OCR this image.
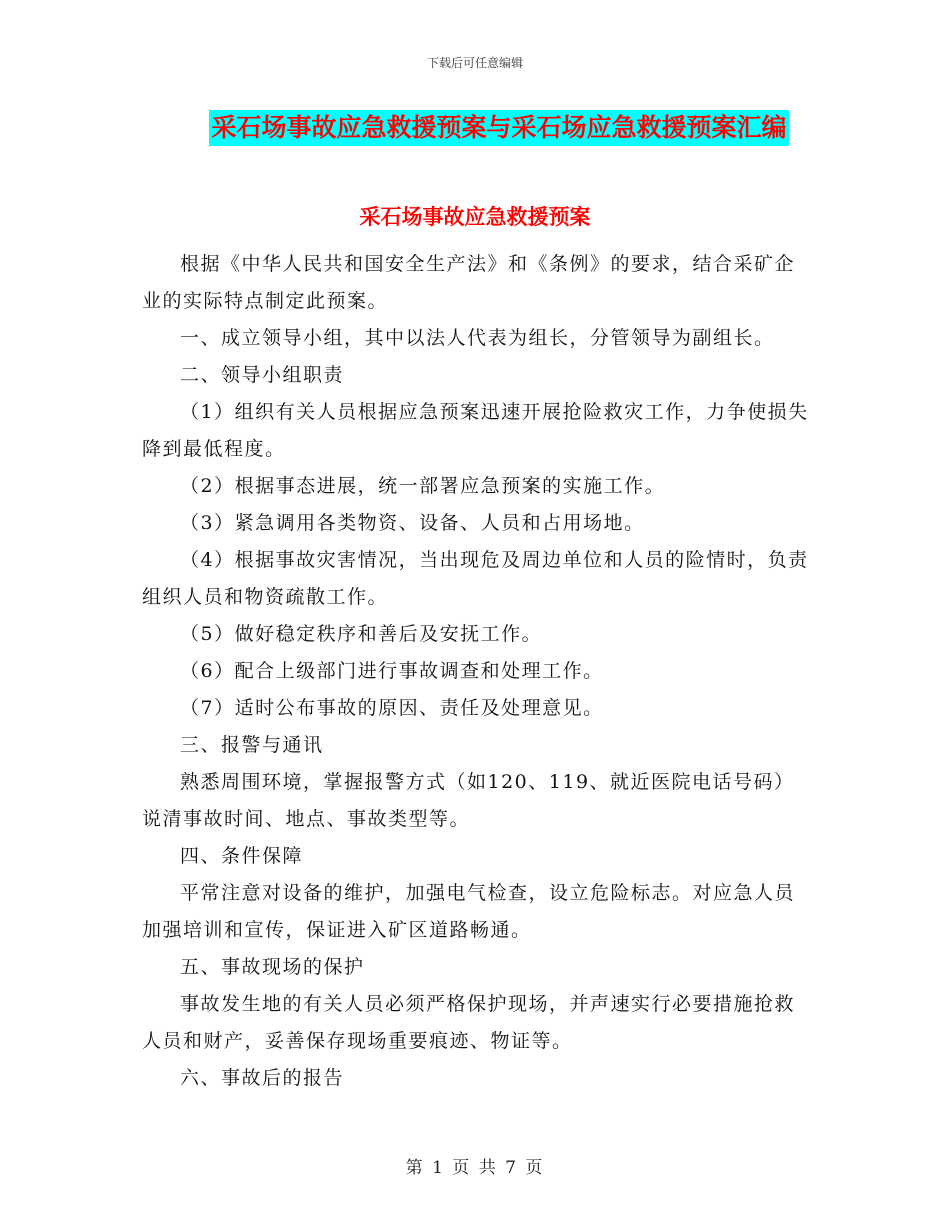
下载后可任意编辑
采石场事故应急救援预案与采石场应急救援预案汇编
采石场事故应急救援预案

根据《中华人民共和国安全生产法》和《条例》的要求，结合采矿企业的实际特点制定此预案。

一、成立领导小组，其中以法人代表为组长，分管领导为副组长。

二、领导小组职责

（1）组织有关人员根据应急预案迅速开展抢险救灾工作，力争使损失降到最低程度。

（2）根据事态进展，统一部署应急预案的实施工作。

（3）紧急调用各类物资、设备、人员和占用场地。

（4）根据事故灾害情况，当出现危及周边单位和人员的险情时，负责组织人员和物资疏散工作。

（5）做好稳定秩序和善后及安抚工作。

（6）配合上级部门进行事故调查和处理工作。

（7）适时公布事故的原因、责任及处理意见。

三、报警与通讯

熟悉周围环境，掌握报警方式（如120、119、就近医院电话号码）说清事故时间、地点、事故类型等。

四、条件保障

平常注意对设备的维护，加强电气检查，设立危险标志。对应急人员加强培训和宣传，保证进入矿区道路畅通。

五、事故现场的保护

事故发生地的有关人员必须严格保护现场，并声速实行必要措施抢救人员和财产，妥善保存现场重要痕迹、物证等。

六、事故后的报告

第 1 页 共 7 页
